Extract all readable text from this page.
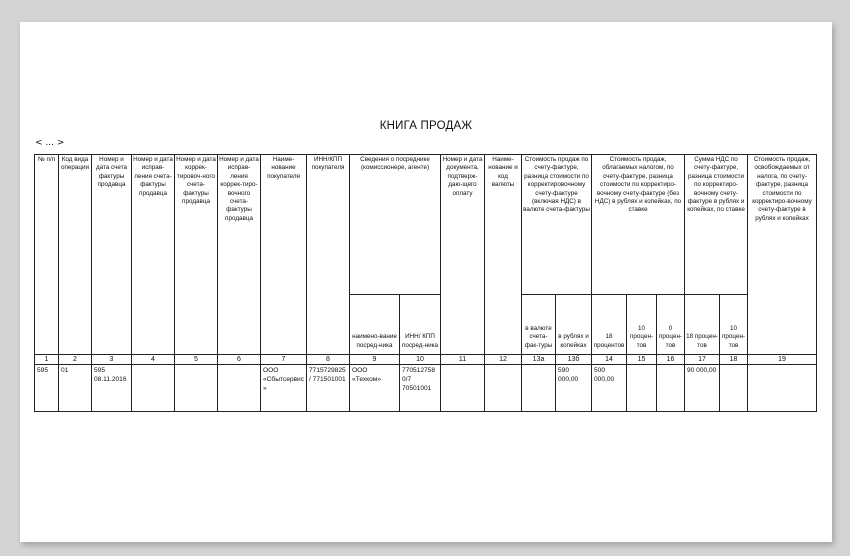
КНИГА ПРОДАЖ
< ... >
№ п/п	Код вида операции	Номер и дата счета фактуры продавца	Номер и дата исправ-ления счета-фактуры продавца	Номер и дата коррек-тировоч-ного счета-фактуры продавца	Номер и дата исправ-ления коррек-тиро-вочного счета-фактуры продавца	Наиме-нование покупателя	ИНН/КПП покупателя	Сведения о посреднике (комиссионере, агенте)		Номер и дата документа, подтверж-даю-щего оплату	Наиме-нование и код валюты	Стоимость продаж по счету-фактуре, разница стоимости по корректировочному счету-фактуре (включая НДС) в валюте счета-фактуры		Стоимость продаж, облагаемых налогом, по счету-фактуре, разница стоимости по корректиро-вочному счету-фактуре (без НДС) в рублях и копейках, по ставке			Сумма НДС по счету-фактуре, разница стоимости по корректиро-вочному счету-фактуре в рублях и копейках, по ставке		Стоимость продаж, освобождаемых от налога, по счету-фактуре, разница стоимости по корректиро-вочному счету-фактуре в рублях и копейках
								наимено-вание посред-ника	ИНН/ КПП посред-ника			в валюте счета-фак-туры	в рублях и копейках	18 процентов	10 процен-тов	0 процен-тов	18 процен-тов	10 процен-тов	
1	2	3	4	5	6	7	8	9	10	11	12	13а	13б	14	15	16	17	18	19
595	01	595 08.11.2016				ООО «Сбытсервис»	7715729825/ 771501001	ООО «Техком»	7705127580/7 70501001				590 000,00	500 000,00			90 000,00		
